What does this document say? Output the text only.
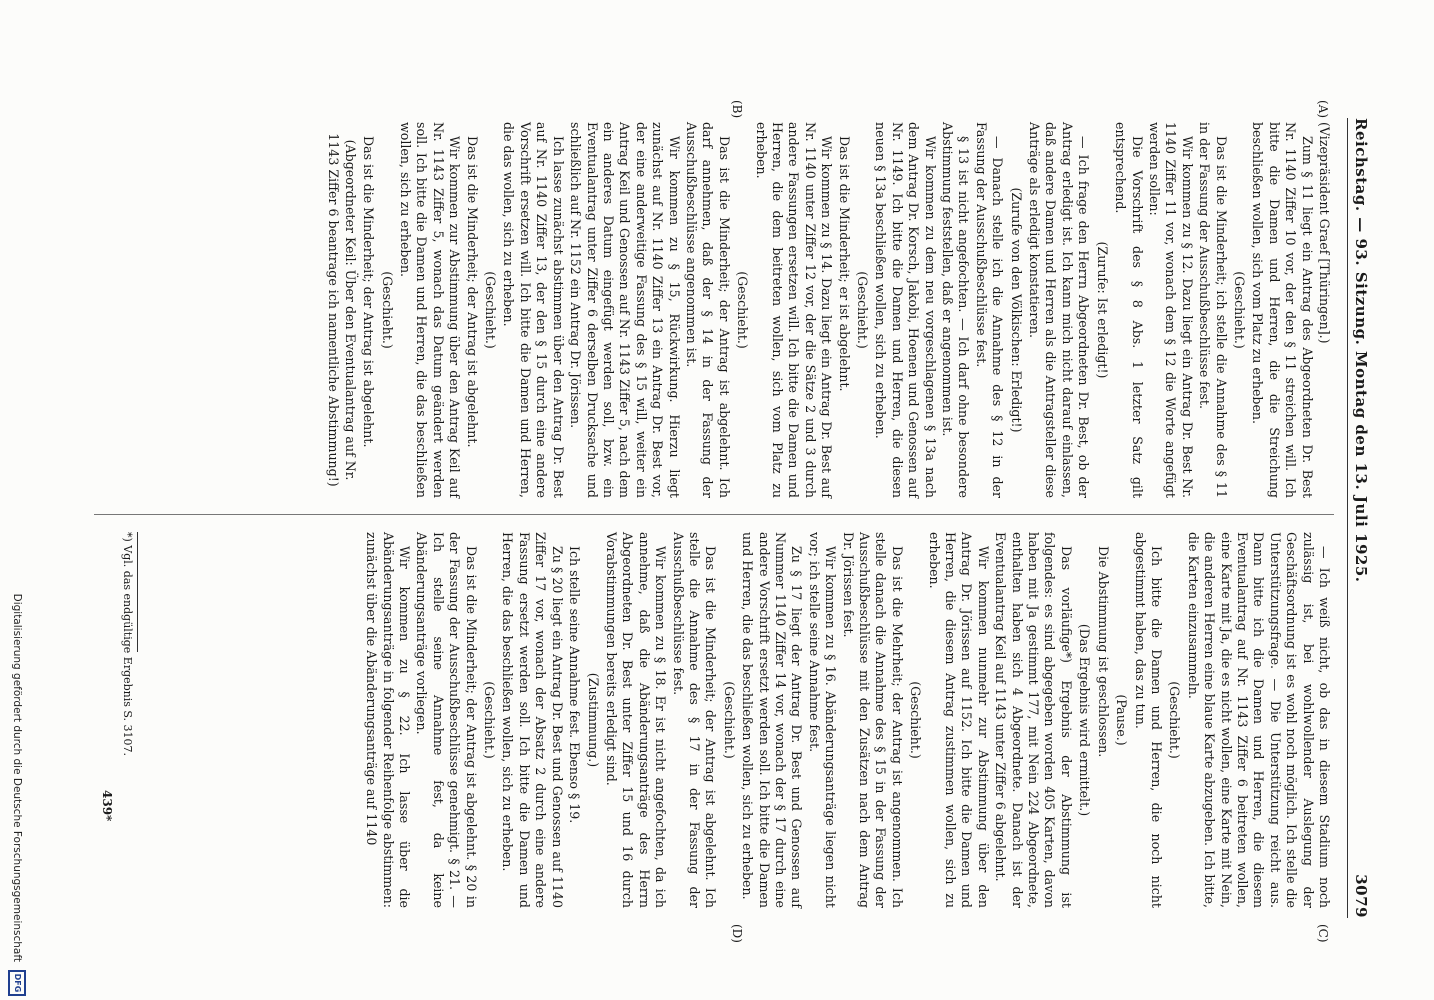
Reichstag. — 93. Sitzung. Montag den 13. Juli 1925.
3079
(A)
(B)
(C)
(D)

(Vizepräsident Graef [Thüringen].)

Zum § 11 liegt ein Antrag des Abgeordneten Dr. Best Nr. 1140 Ziffer 10 vor, der den § 11 streichen will. Ich bitte die Damen und Herren, die die Streichung beschließen wollen, sich vom Platz zu erheben.

(Geschieht.)

Das ist die Minderheit; ich stelle die Annahme des § 11 in der Fassung der Ausschußbeschlüsse fest.

Wir kommen zu § 12. Dazu liegt ein Antrag Dr. Best Nr. 1140 Ziffer 11 vor, wonach dem § 12 die Worte angefügt werden sollen:

Die Vorschrift des § 8 Abs. 1 letzter Satz gilt entsprechend.

(Zurufe: Ist erledigt!)

— Ich frage den Herrn Abgeordneten Dr. Best, ob der Antrag erledigt ist. Ich kann mich nicht darauf einlassen, daß andere Damen und Herren als die Antragsteller diese Anträge als erledigt konstatieren.

(Zurufe von den Völkischen: Erledigt!)

— Danach stelle ich die Annahme des § 12 in der Fassung der Ausschußbeschlüsse fest.

§ 13 ist nicht angefochten. — Ich darf ohne besondere Abstimmung feststellen, daß er angenommen ist.

Wir kommen zu dem neu vorgeschlagenen § 13a nach dem Antrag Dr. Korsch, Jakobi, Hoenen und Genossen auf Nr. 1149. Ich bitte die Damen und Herren, die diesen neuen § 13a beschließen wollen, sich zu erheben.

(Geschieht.)

Das ist die Minderheit; er ist abgelehnt.

Wir kommen zu § 14. Dazu liegt ein Antrag Dr. Best auf Nr. 1140 unter Ziffer 12 vor, der die Sätze 2 und 3 durch andere Fassungen ersetzen will. Ich bitte die Damen und Herren, die dem beitreten wollen, sich vom Platz zu erheben.

(Geschieht.)

Das ist die Minderheit; der Antrag ist abgelehnt. Ich darf annehmen, daß der § 14 in der Fassung der Ausschußbeschlüsse angenommen ist.

Wir kommen zu § 15, Rückwirkung. Hierzu liegt zunächst auf Nr. 1140 Ziffer 13 ein Antrag Dr. Best vor, der eine anderweitige Fassung des § 15 will, weiter ein Antrag Keil und Genossen auf Nr. 1143 Ziffer 5, nach dem ein anderes Datum eingefügt werden soll, bzw. ein Eventualantrag unter Ziffer 6 derselben Drucksache und schließlich auf Nr. 1152 ein Antrag Dr. Jörissen.

Ich lasse zunächst abstimmen über den Antrag Dr. Best auf Nr. 1140 Ziffer 13, der den § 15 durch eine andere Vorschrift ersetzen will. Ich bitte die Damen und Herren, die das wollen, sich zu erheben.

(Geschieht.)

Das ist die Minderheit; der Antrag ist abgelehnt.

Wir kommen zur Abstimmung über den Antrag Keil auf Nr. 1143 Ziffer 5, wonach das Datum geändert werden soll. Ich bitte die Damen und Herren, die das beschließen wollen, sich zu erheben.

(Geschieht.)

Das ist die Minderheit; der Antrag ist abgelehnt.

(Abgeordneter Keil: Über den Eventualantrag auf Nr. 1143 Ziffer 6 beantrage ich namentliche Abstimmung!)

— Ich weiß nicht, ob das in diesem Stadium noch zulässig ist, bei wohlwollender Auslegung der Geschäftsordnung ist es wohl noch möglich. Ich stelle die Unterstützungsfrage. — Die Unterstützung reicht aus. Dann bitte ich die Damen und Herren, die diesem Eventualantrag auf Nr. 1143 Ziffer 6 beitreten wollen, eine Karte mit Ja, die es nicht wollen, eine Karte mit Nein, die anderen Herren eine blaue Karte abzugeben. Ich bitte, die Karten einzusammeln.

(Geschieht.)

Ich bitte die Damen und Herren, die noch nicht abgestimmt haben, das zu tun.

(Pause.)

Die Abstimmung ist geschlossen.

(Das Ergebnis wird ermittelt.)

Das vorläufige*) Ergebnis der Abstimmung ist folgendes: es sind abgegeben worden 405 Karten, davon haben mit Ja gestimmt 177, mit Nein 224 Abgeordnete, enthalten haben sich 4 Abgeordnete. Danach ist der Eventualantrag Keil auf 1143 unter Ziffer 6 abgelehnt.

Wir kommen nunmehr zur Abstimmung über den Antrag Dr. Jörissen auf 1152. Ich bitte die Damen und Herren, die diesem Antrag zustimmen wollen, sich zu erheben.

(Geschieht.)

Das ist die Mehrheit; der Antrag ist angenommen. Ich stelle danach die Annahme des § 15 in der Fassung der Ausschußbeschlüsse mit den Zusätzen nach dem Antrag Dr. Jörissen fest.

Wir kommen zu § 16. Abänderungsanträge liegen nicht vor; ich stelle seine Annahme fest.

Zu § 17 liegt der Antrag Dr. Best und Genossen auf Nummer 1140 Ziffer 14 vor, wonach der § 17 durch eine andere Vorschrift ersetzt werden soll. Ich bitte die Damen und Herren, die das beschließen wollen, sich zu erheben.

(Geschieht.)

Das ist die Minderheit; der Antrag ist abgelehnt. Ich stelle die Annahme des § 17 in der Fassung der Ausschußbeschlüsse fest.

Wir kommen zu § 18. Er ist nicht angefochten, da ich annehme, daß die Abänderungsanträge des Herrn Abgeordneten Dr. Best unter Ziffer 15 und 16 durch Vorabstimmungen bereits erledigt sind.

(Zustimmung.)

Ich stelle seine Annahme fest. Ebenso § 19.

Zu § 20 liegt ein Antrag Dr. Best und Genossen auf 1140 Ziffer 17 vor, wonach der Absatz 2 durch eine andere Fassung ersetzt werden soll. Ich bitte die Damen und Herren, die das beschließen wollen, sich zu erheben.

(Geschieht.)

Das ist die Minderheit; der Antrag ist abgelehnt. § 20 in der Fassung der Ausschußbeschlüsse genehmigt. § 21. — Ich stelle seine Annahme fest, da keine Abänderungsanträge vorliegen.

Wir kommen zu § 22. Ich lasse über die Abänderungsanträge in folgender Reihenfolge abstimmen: zunächst über die Abänderungsanträge auf 1140

*) Vgl. das endgültige Ergebnis S. 3107.
439*
Digitalisierung gefördert durch die Deutsche Forschungsgemeinschaft
DFG
